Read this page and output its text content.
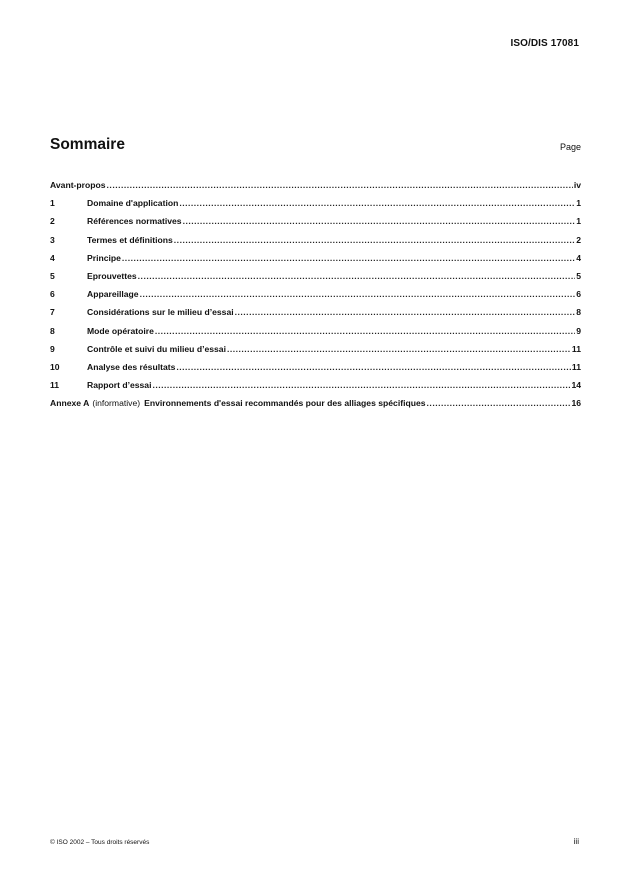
ISO/DIS 17081
Sommaire	Page
Avant-propos .....	iv
1	Domaine d'application .....	1
2	Références normatives .....	1
3	Termes et définitions .....	2
4	Principe .....	4
5	Eprouvettes .....	5
6	Appareillage .....	6
7	Considérations sur le milieu d’essai .....	8
8	Mode opératoire .....	9
9	Contrôle et suivi du milieu d’essai .....	11
10	Analyse des résultats .....	11
11	Rapport d’essai .....	14
Annexe A (informative) Environnements d'essai recommandés pour des alliages spécifiques .....	16
© ISO 2002 – Tous droits réservés	iii
